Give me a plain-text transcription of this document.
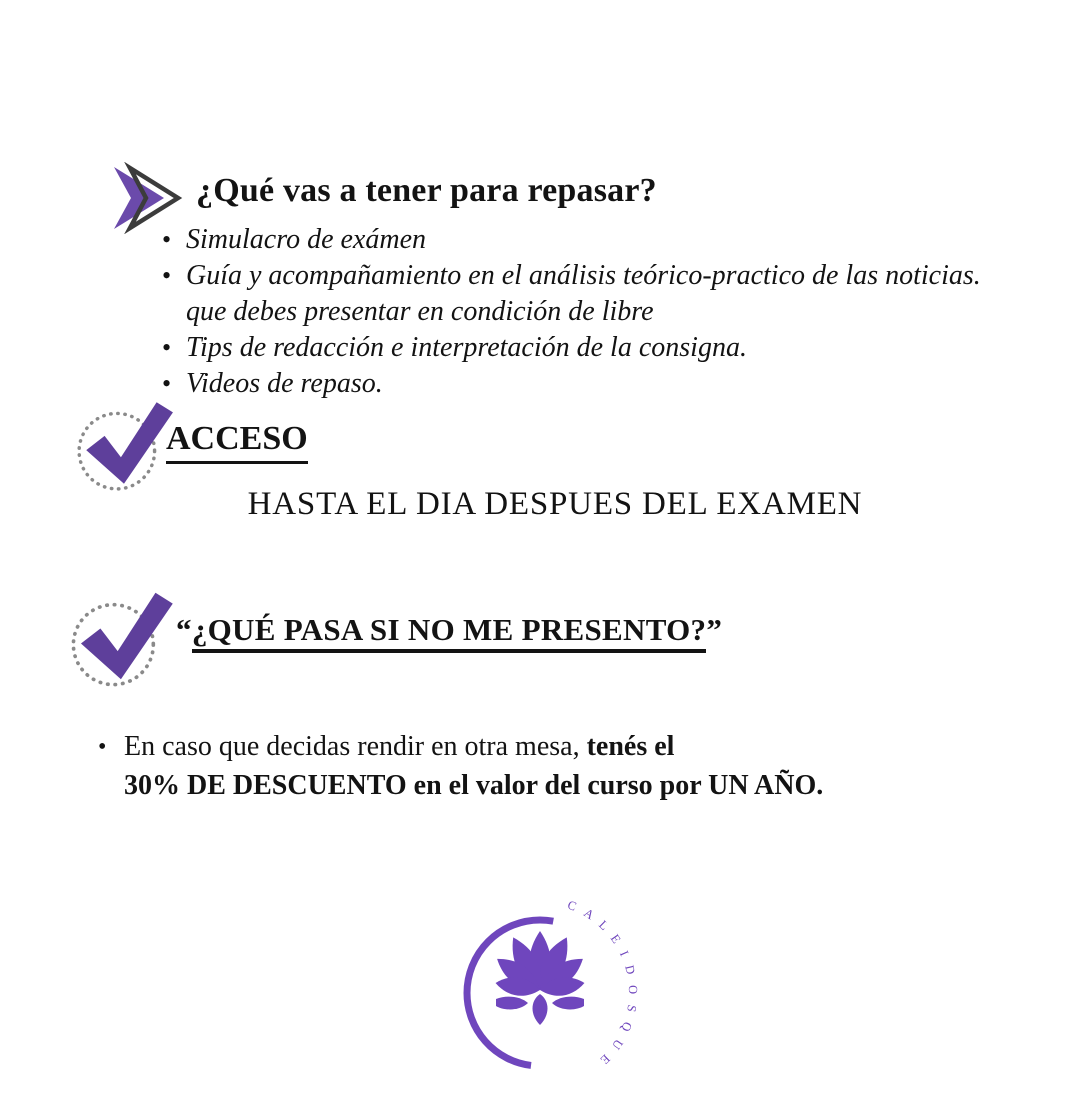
¿Qué vas a tener para repasar?
• Simulacro de exámen
• Guía y acompañamiento en el análisis teórico-practico de las noticias.
que debes presentar en condición de libre
• Tips de redacción e interpretación de la consigna.
• Videos de repaso.
ACCESO
HASTA EL DIA DESPUES DEL EXAMEN
“¿QUÉ PASA SI NO ME PRESENTO?”
• En caso que decidas rendir en otra mesa, tenés el
30% DE DESCUENTO en el valor del curso por UN AÑO.
C A L E I D O S Q U E
